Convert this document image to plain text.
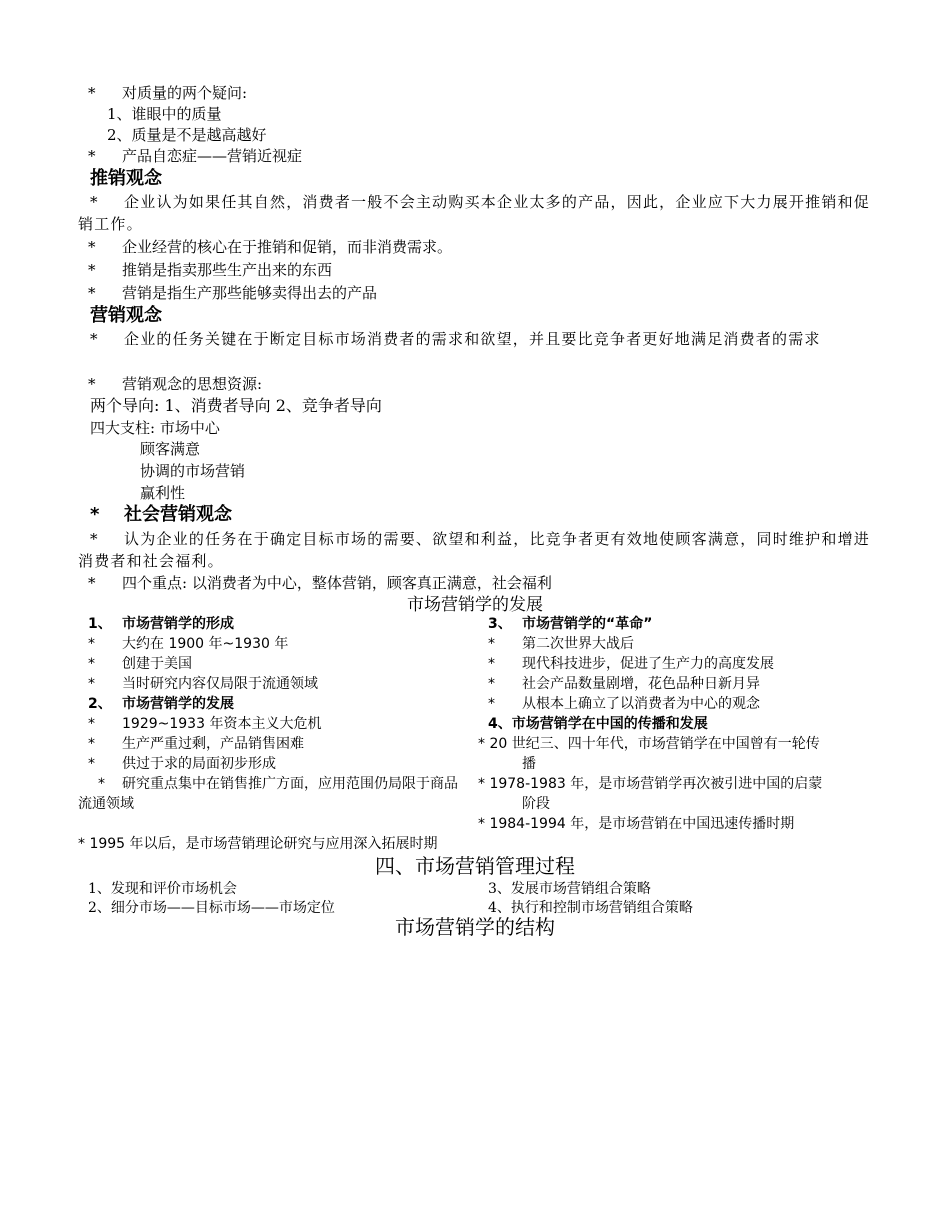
* 对质量的两个疑问:
1、谁眼中的质量
2、质量是不是越高越好
* 产品自恋症——营销近视症
推销观念
* 企业认为如果任其自然，消费者一般不会主动购买本企业太多的产品，因此，企业应下大力展开推销和促销工作。
* 企业经营的核心在于推销和促销，而非消费需求。
* 推销是指卖那些生产出来的东西
* 营销是指生产那些能够卖得出去的产品
营销观念
* 企业的任务关键在于断定目标市场消费者的需求和欲望，并且要比竞争者更好地满足消费者的需求
* 营销观念的思想资源:
两个导向: 1、消费者导向 2、竞争者导向
四大支柱: 市场中心
顾客满意
协调的市场营销
赢利性
* 社会营销观念
* 认为企业的任务在于确定目标市场的需要、欲望和利益，比竞争者更有效地使顾客满意，同时维护和增进消费者和社会福利。
* 四个重点: 以消费者为中心，整体营销，顾客真正满意，社会福利
市场营销学的发展
1、 市场营销学的形成
* 大约在 1900 年~1930 年
* 创建于美国
* 当时研究内容仅局限于流通领域
2、 市场营销学的发展
* 1929~1933 年资本主义大危机
* 生产严重过剩，产品销售困难
* 供过于求的局面初步形成
* 研究重点集中在销售推广方面，应用范围仍局限于商品流通领域
3、 市场营销学的“革命”
* 第二次世界大战后
* 现代科技进步，促进了生产力的高度发展
* 社会产品数量剧增，花色品种日新月异
* 从根本上确立了以消费者为中心的观念
4、市场营销学在中国的传播和发展
* 20 世纪三、四十年代，市场营销学在中国曾有一轮传
播
* 1978-1983 年，是市场营销学再次被引进中国的启蒙
阶段
* 1984-1994 年，是市场营销在中国迅速传播时期
* 1995 年以后，是市场营销理论研究与应用深入拓展时期
四、市场营销管理过程
1、发现和评价市场机会
2、细分市场——目标市场——市场定位
3、发展市场营销组合策略
4、执行和控制市场营销组合策略
市场营销学的结构
